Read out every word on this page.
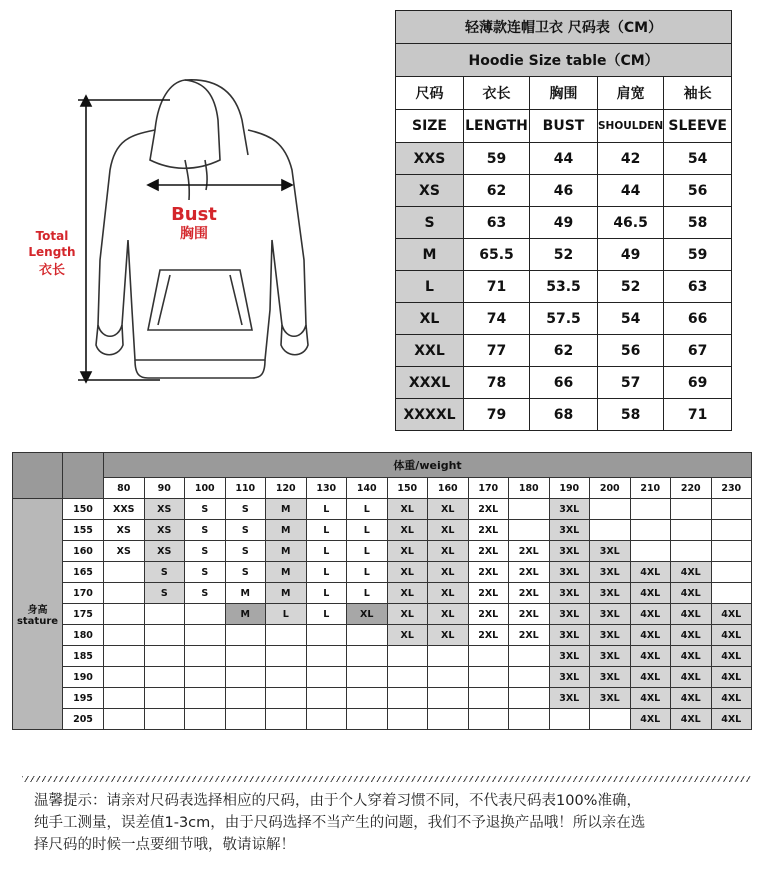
Bust
胸围
Total
Length
衣长
轻薄款连帽卫衣 尺码表（CM）				
Hoodie Size table（CM）				
尺码	衣长	胸围	肩宽	袖长
SIZE	LENGTH	BUST	SHOULDEN	SLEEVE
XXS	59	44	42	54
XS	62	46	44	56
S	63	49	46.5	58
M	65.5	52	49	59
L	71	53.5	52	63
XL	74	57.5	54	66
XXL	77	62	56	67
XXXL	78	66	57	69
XXXXL	79	68	58	71
		体重/weight															
		80	90	100	110	120	130	140	150	160	170	180	190	200	210	220	230

身高
stature	150	XXS	XS	S	S	M	L	L	XL	XL	2XL		3XL				
	155	XS	XS	S	S	M	L	L	XL	XL	2XL		3XL				
	160	XS	XS	S	S	M	L	L	XL	XL	2XL	2XL	3XL	3XL			
	165		S	S	S	M	L	L	XL	XL	2XL	2XL	3XL	3XL	4XL	4XL	
	170		S	S	M	M	L	L	XL	XL	2XL	2XL	3XL	3XL	4XL	4XL	
	175				M	L	L	XL	XL	XL	2XL	2XL	3XL	3XL	4XL	4XL	4XL
	180								XL	XL	2XL	2XL	3XL	3XL	4XL	4XL	4XL
	185												3XL	3XL	4XL	4XL	4XL
	190												3XL	3XL	4XL	4XL	4XL
	195												3XL	3XL	4XL	4XL	4XL
	205														4XL	4XL	4XL
温馨提示：请亲对尺码表选择相应的尺码，由于个人穿着习惯不同，不代表尺码表100%准确，
纯手工测量，误差值1-3cm，由于尺码选择不当产生的问题，我们不予退换产品哦！所以亲在选
择尺码的时候一点要细节哦，敬请谅解！
